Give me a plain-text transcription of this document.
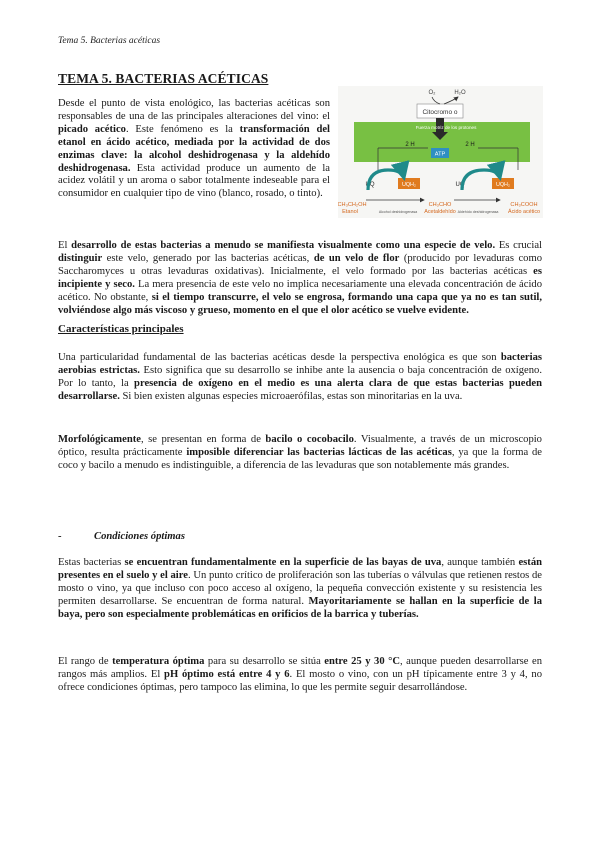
Tema 5. Bacterias acéticas
TEMA 5. BACTERIAS ACÉTICAS

Desde el punto de vista enológico, las bacterias acéticas son responsables de una de las principales alteraciones del vino: el picado acético. Este fenómeno es la transformación del etanol en ácido acético, mediada por la actividad de dos enzimas clave: la alcohol deshidrogenasa y la aldehído deshidrogenasa. Esta actividad produce un aumento de la acidez volátil y un aroma o sabor totalmente indeseable para el consumidor en cualquier tipo de vino (blanco, rosado, o tinto).

Citocromo o
O₂	H₂O
Fuerza motriz de los protones
2 H	2 H
ATP
UQ	UQH₂	UQ	UQH₂
CH₃CH₂OH
Etanol	Alcohol deshidrogenasa
CH₃CHO
Acetaldehído Aldehído deshidrogenasa
CH₃COOH
Ácido acético

El desarrollo de estas bacterias a menudo se manifiesta visualmente como una especie de velo. Es crucial distinguir este velo, generado por las bacterias acéticas, de un velo de flor (producido por levaduras como Saccharomyces u otras levaduras oxidativas). Inicialmente, el velo formado por las bacterias acéticas es incipiente y seco. La mera presencia de este velo no implica necesariamente una elevada concentración de ácido acético. No obstante, si el tiempo transcurre, el velo se engrosa, formando una capa que ya no es tan sutil, volviéndose algo más viscoso y grueso, momento en el que el olor acético se vuelve evidente.

Características principales

Una particularidad fundamental de las bacterias acéticas desde la perspectiva enológica es que son bacterias aerobias estrictas. Esto significa que su desarrollo se inhibe ante la ausencia o baja concentración de oxígeno. Por lo tanto, la presencia de oxígeno en el medio es una alerta clara de que estas bacterias pueden desarrollarse. Si bien existen algunas especies microaerófilas, estas son minoritarias en la uva.

Morfológicamente, se presentan en forma de bacilo o cocobacilo. Visualmente, a través de un microscopio óptico, resulta prácticamente imposible diferenciar las bacterias lácticas de las acéticas, ya que la forma de coco y bacilo a menudo es indistinguible, a diferencia de las levaduras que son notablemente más grandes.

-	Condiciones óptimas

Estas bacterias se encuentran fundamentalmente en la superficie de las bayas de uva, aunque también están presentes en el suelo y el aire. Un punto crítico de proliferación son las tuberías o válvulas que retienen restos de mosto o vino, ya que incluso con poco acceso al oxígeno, la pequeña convección existente y su resistencia les permiten desarrollarse. Se encuentran de forma natural. Mayoritariamente se hallan en la superficie de la baya, pero son especialmente problemáticas en orificios de la barrica y tuberías.

El rango de temperatura óptima para su desarrollo se sitúa entre 25 y 30 °C, aunque pueden desarrollarse en rangos más amplios. El pH óptimo está entre 4 y 6. El mosto o vino, con un pH típicamente entre 3 y 4, no ofrece condiciones óptimas, pero tampoco las elimina, lo que les permite seguir desarrollándose.
